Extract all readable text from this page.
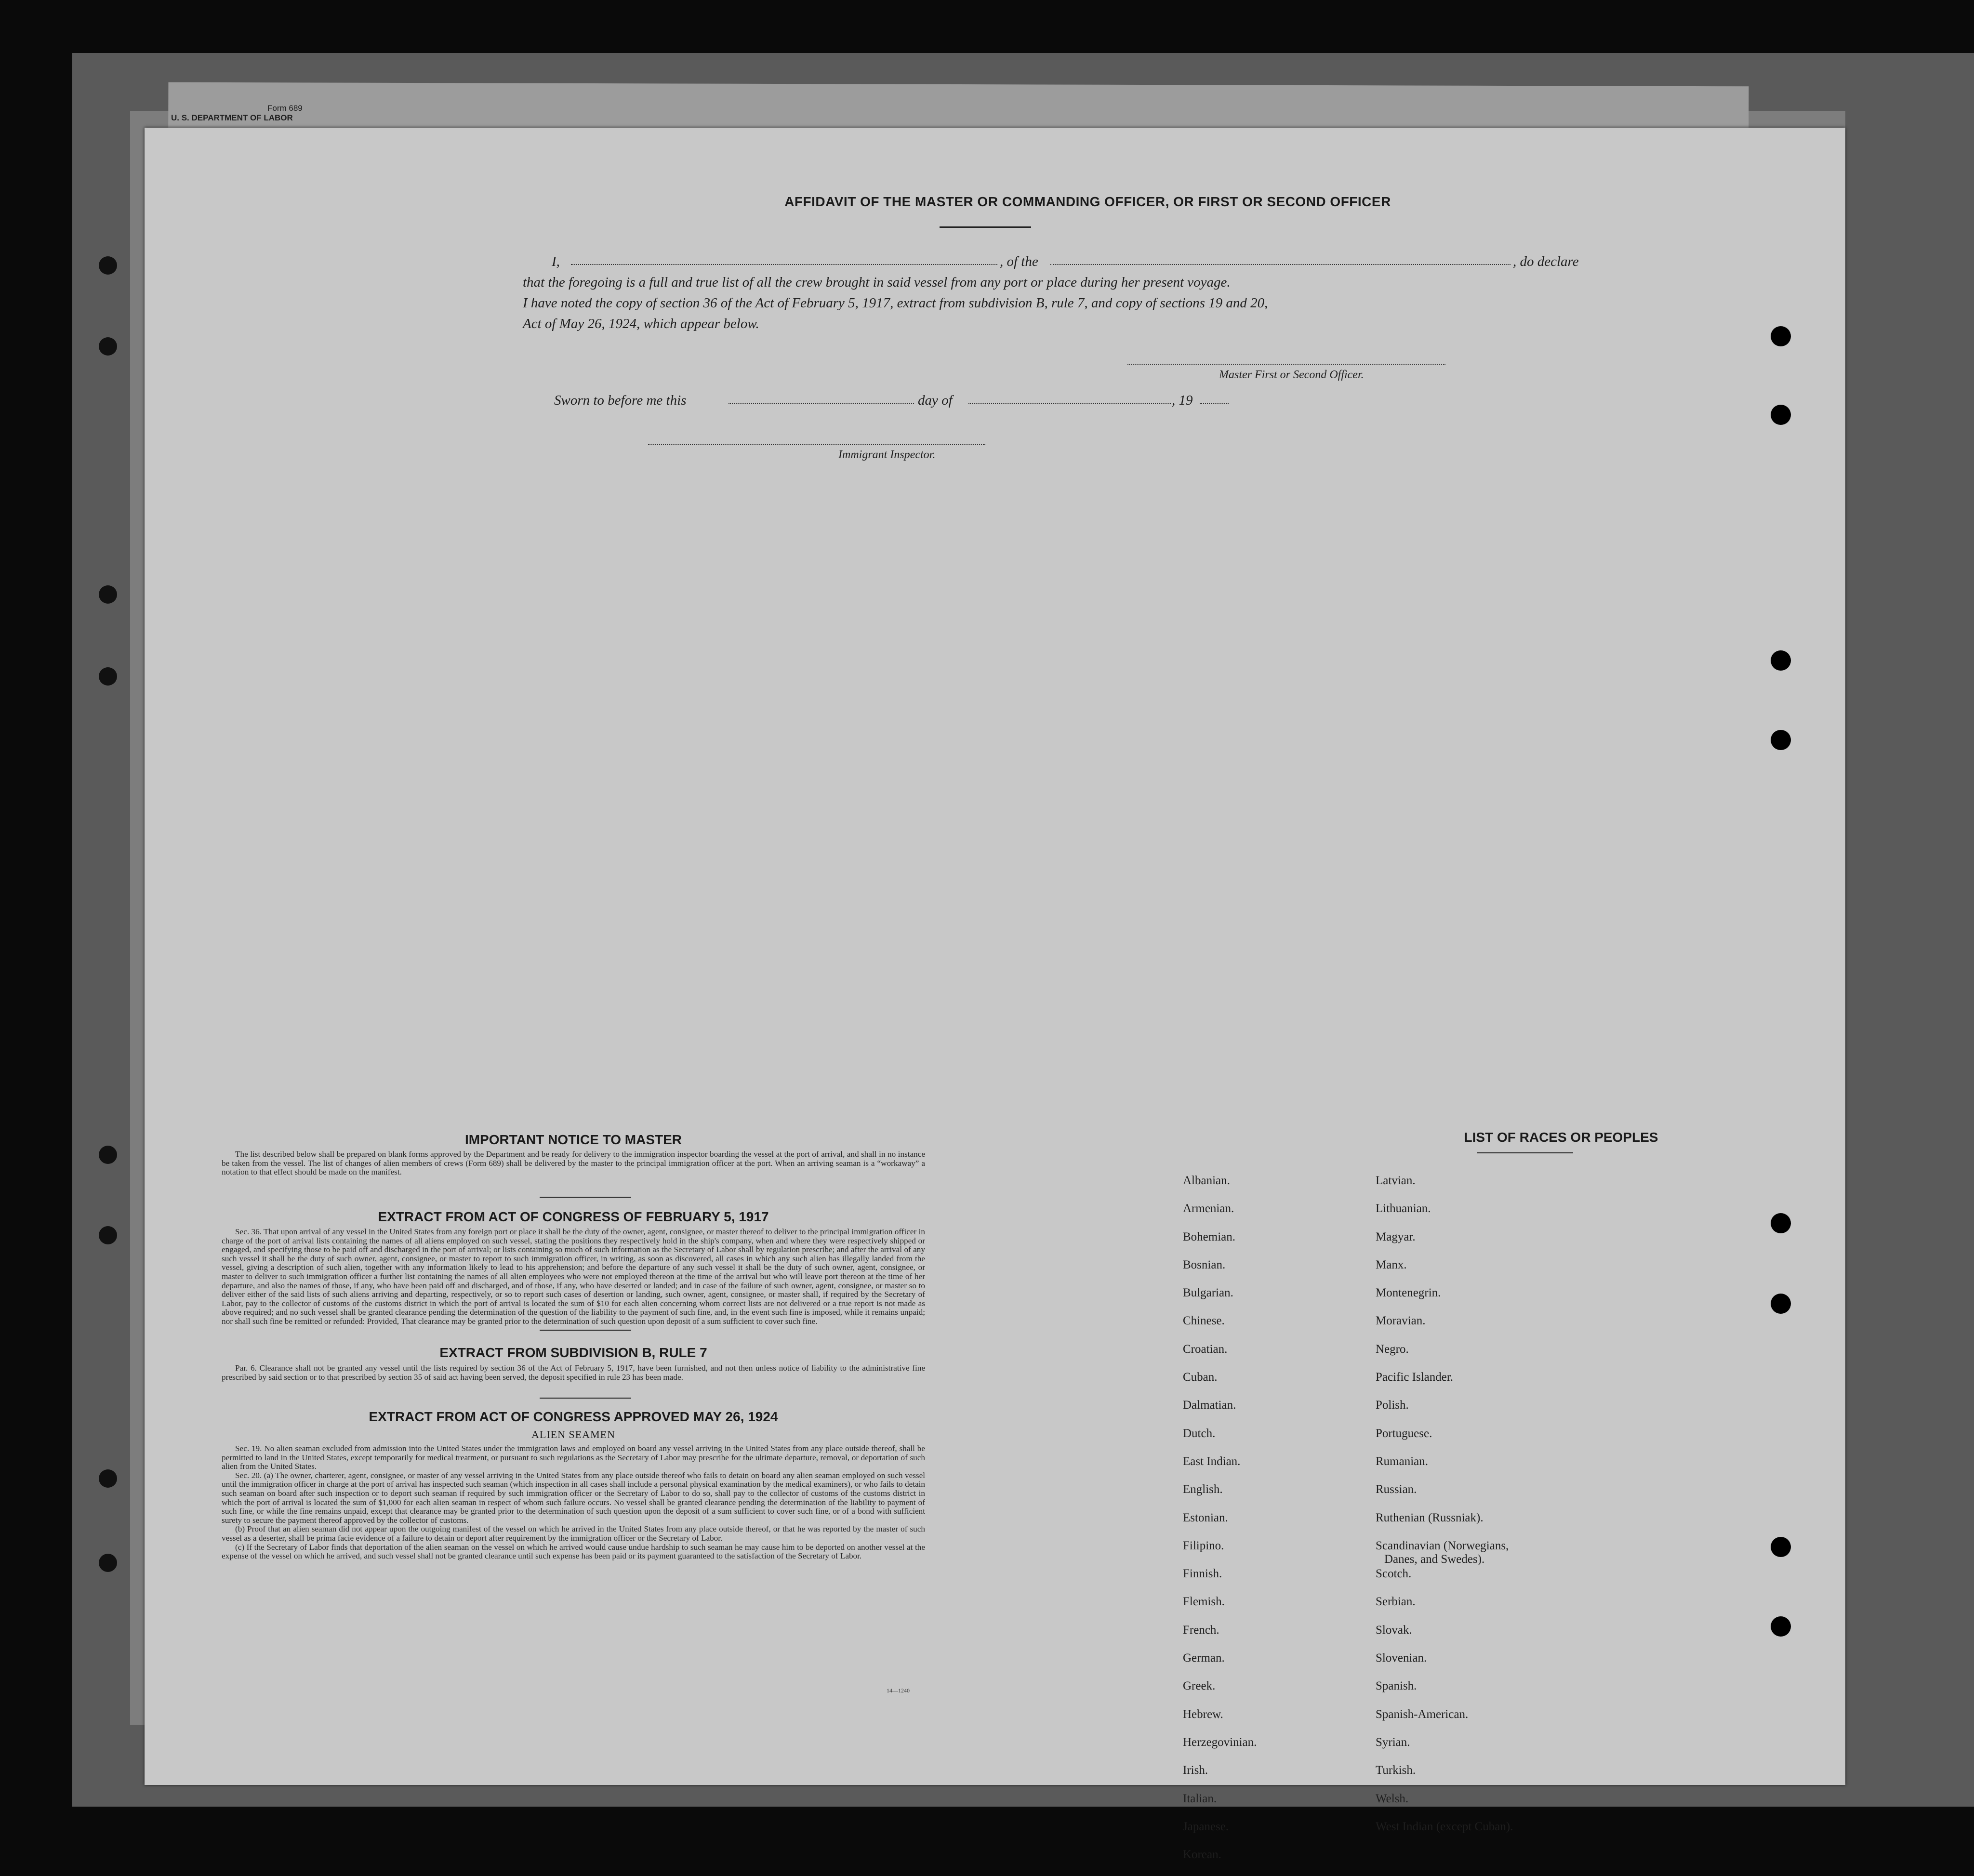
Form 689
U. S. DEPARTMENT OF LABOR
AFFIDAVIT OF THE MASTER OR COMMANDING OFFICER, OR FIRST OR SECOND OFFICER
I,	, of the	, do declare
that the foregoing is a full and true list of all the crew brought in said vessel from any port or place during her present voyage.
I have noted the copy of section 36 of the Act of February 5, 1917, extract from subdivision B, rule 7, and copy of sections 19 and 20,
Act of May 26, 1924, which appear below.
Master First or Second Officer.
Sworn to before me this	day of	, 19
Immigrant Inspector.
IMPORTANT NOTICE TO MASTER

The list described below shall be prepared on blank forms approved by the Department and be ready for delivery to the immigration inspector boarding the vessel at the port of arrival, and shall in no instance be taken from the vessel. The list of changes of alien members of crews (Form 689) shall be delivered by the master to the principal immigration officer at the port. When an arriving seaman is a “workaway” a notation to that effect should be made on the manifest.

EXTRACT FROM ACT OF CONGRESS OF FEBRUARY 5, 1917

Sec. 36. That upon arrival of any vessel in the United States from any foreign port or place it shall be the duty of the owner, agent, consignee, or master thereof to deliver to the principal immigration officer in charge of the port of arrival lists containing the names of all aliens employed on such vessel, stating the positions they respectively hold in the ship's company, when and where they were respectively shipped or engaged, and specifying those to be paid off and discharged in the port of arrival; or lists containing so much of such information as the Secretary of Labor shall by regulation prescribe; and after the arrival of any such vessel it shall be the duty of such owner, agent, consignee, or master to report to such immigration officer, in writing, as soon as discovered, all cases in which any such alien has illegally landed from the vessel, giving a description of such alien, together with any information likely to lead to his apprehension; and before the departure of any such vessel it shall be the duty of such owner, agent, consignee, or master to deliver to such immigration officer a further list containing the names of all alien employees who were not employed thereon at the time of the arrival but who will leave port thereon at the time of her departure, and also the names of those, if any, who have been paid off and discharged, and of those, if any, who have deserted or landed; and in case of the failure of such owner, agent, consignee, or master so to deliver either of the said lists of such aliens arriving and departing, respectively, or so to report such cases of desertion or landing, such owner, agent, consignee, or master shall, if required by the Secretary of Labor, pay to the collector of customs of the customs district in which the port of arrival is located the sum of $10 for each alien concerning whom correct lists are not delivered or a true report is not made as above required; and no such vessel shall be granted clearance pending the determination of the question of the liability to the payment of such fine, and, in the event such fine is imposed, while it remains unpaid; nor shall such fine be remitted or refunded: Provided, That clearance may be granted prior to the determination of such question upon deposit of a sum sufficient to cover such fine.

EXTRACT FROM SUBDIVISION B, RULE 7

Par. 6. Clearance shall not be granted any vessel until the lists required by section 36 of the Act of February 5, 1917, have been furnished, and not then unless notice of liability to the administrative fine prescribed by said section or to that prescribed by section 35 of said act having been served, the deposit specified in rule 23 has been made.

EXTRACT FROM ACT OF CONGRESS APPROVED MAY 26, 1924
ALIEN SEAMEN

Sec. 19. No alien seaman excluded from admission into the United States under the immigration laws and employed on board any vessel arriving in the United States from any place outside thereof, shall be permitted to land in the United States, except temporarily for medical treatment, or pursuant to such regulations as the Secretary of Labor may prescribe for the ultimate departure, removal, or deportation of such alien from the United States.

Sec. 20. (a) The owner, charterer, agent, consignee, or master of any vessel arriving in the United States from any place outside thereof who fails to detain on board any alien seaman employed on such vessel until the immigration officer in charge at the port of arrival has inspected such seaman (which inspection in all cases shall include a personal physical examination by the medical examiners), or who fails to detain such seaman on board after such inspection or to deport such seaman if required by such immigration officer or the Secretary of Labor to do so, shall pay to the collector of customs of the customs district in which the port of arrival is located the sum of $1,000 for each alien seaman in respect of whom such failure occurs. No vessel shall be granted clearance pending the determination of the liability to payment of such fine, or while the fine remains unpaid, except that clearance may be granted prior to the determination of such question upon the deposit of a sum sufficient to cover such fine, or of a bond with sufficient surety to secure the payment thereof approved by the collector of customs.

(b) Proof that an alien seaman did not appear upon the outgoing manifest of the vessel on which he arrived in the United States from any place outside thereof, or that he was reported by the master of such vessel as a deserter, shall be prima facie evidence of a failure to detain or deport after requirement by the immigration officer or the Secretary of Labor.

(c) If the Secretary of Labor finds that deportation of the alien seaman on the vessel on which he arrived would cause undue hardship to such seaman he may cause him to be deported on another vessel at the expense of the vessel on which he arrived, and such vessel shall not be granted clearance until such expense has been paid or its payment guaranteed to the satisfaction of the Secretary of Labor.

14—1240
LIST OF RACES OR PEOPLES
Albanian.
Armenian.
Bohemian.
Bosnian.
Bulgarian.
Chinese.
Croatian.
Cuban.
Dalmatian.
Dutch.
East Indian.
English.
Estonian.
Filipino.
Finnish.
Flemish.
French.
German.
Greek.
Hebrew.
Herzegovinian.
Irish.
Italian.
Japanese.
Korean.
Latvian.
Lithuanian.
Magyar.
Manx.
Montenegrin.
Moravian.
Negro.
Pacific Islander.
Polish.
Portuguese.
Rumanian.
Russian.
Ruthenian (Russniak).
Scandinavian (Norwegians,
Danes, and Swedes).
Scotch.
Serbian.
Slovak.
Slovenian.
Spanish.
Spanish-American.
Syrian.
Turkish.
Welsh.
West Indian (except Cuban).
